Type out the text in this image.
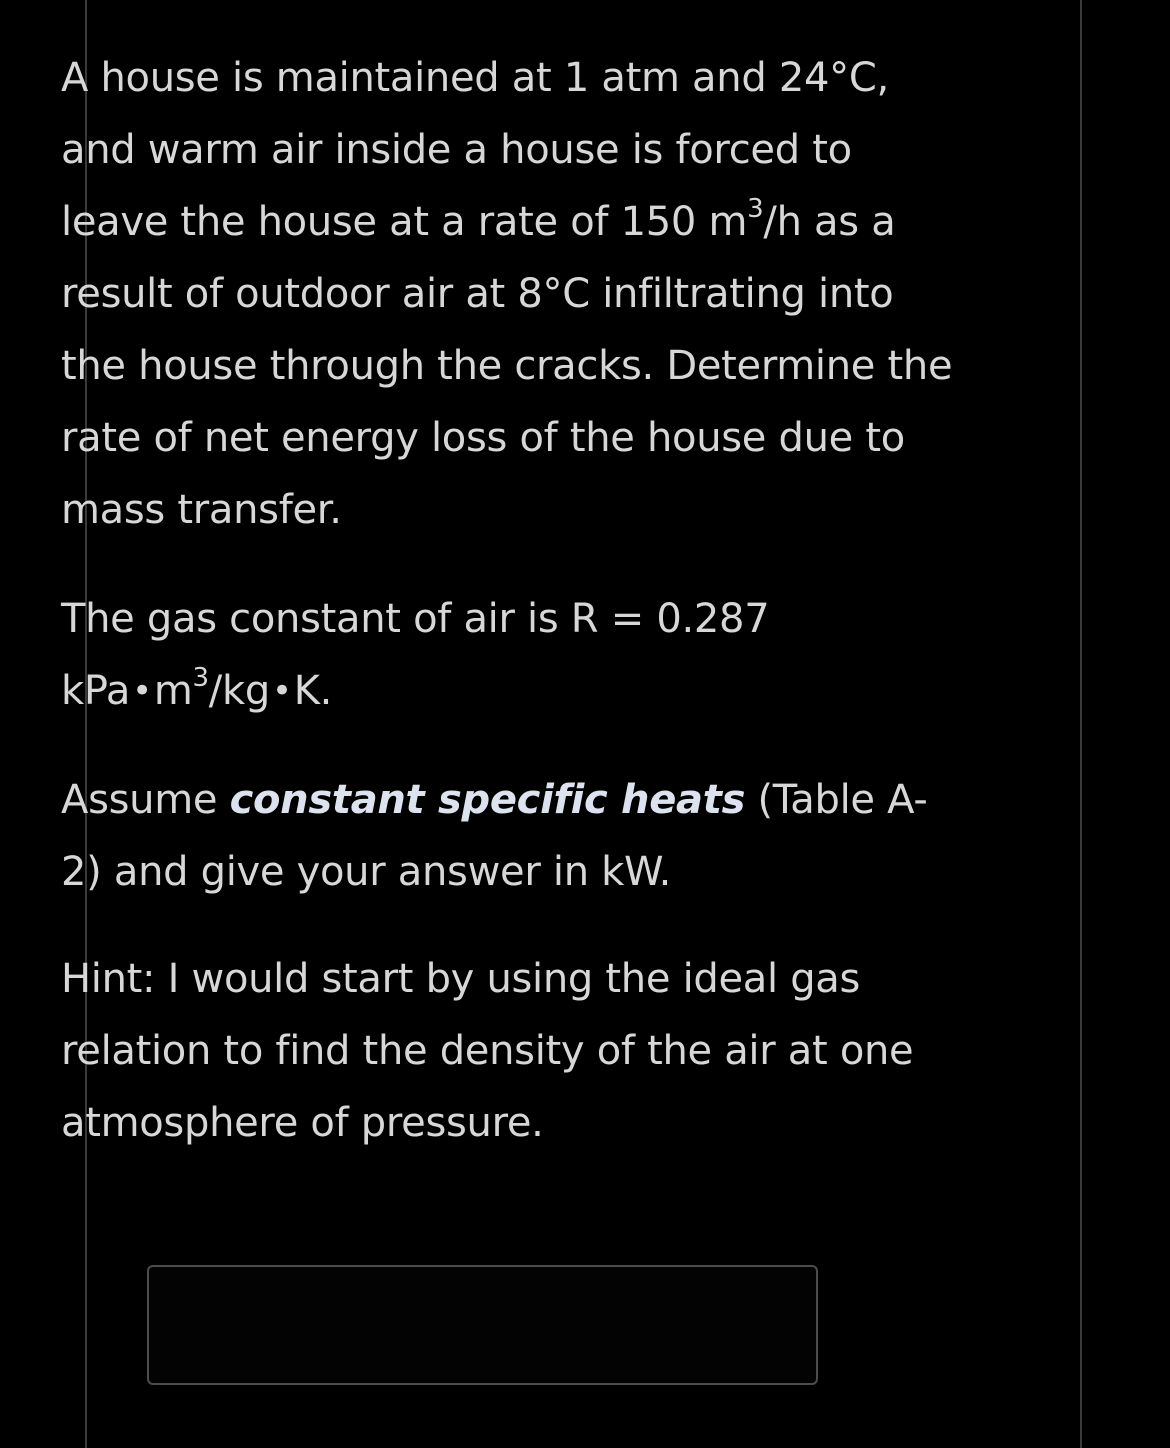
A house is maintained at 1 atm and 24°C, and warm air inside a house is forced to leave the house at a rate of 150 $m^3/h$ as a result of outdoor air at 8°C infiltrating into the house through the cracks. Determine the rate of net energy loss of the house due to mass transfer.

The gas constant of air is R = 0.287 $kPa•m^3/kg•K$.

Assume constant specific heats (Table A-2) and give your answer in kW.

Hint: I would start by using the ideal gas relation to find the density of the air at one atmosphere of pressure.
